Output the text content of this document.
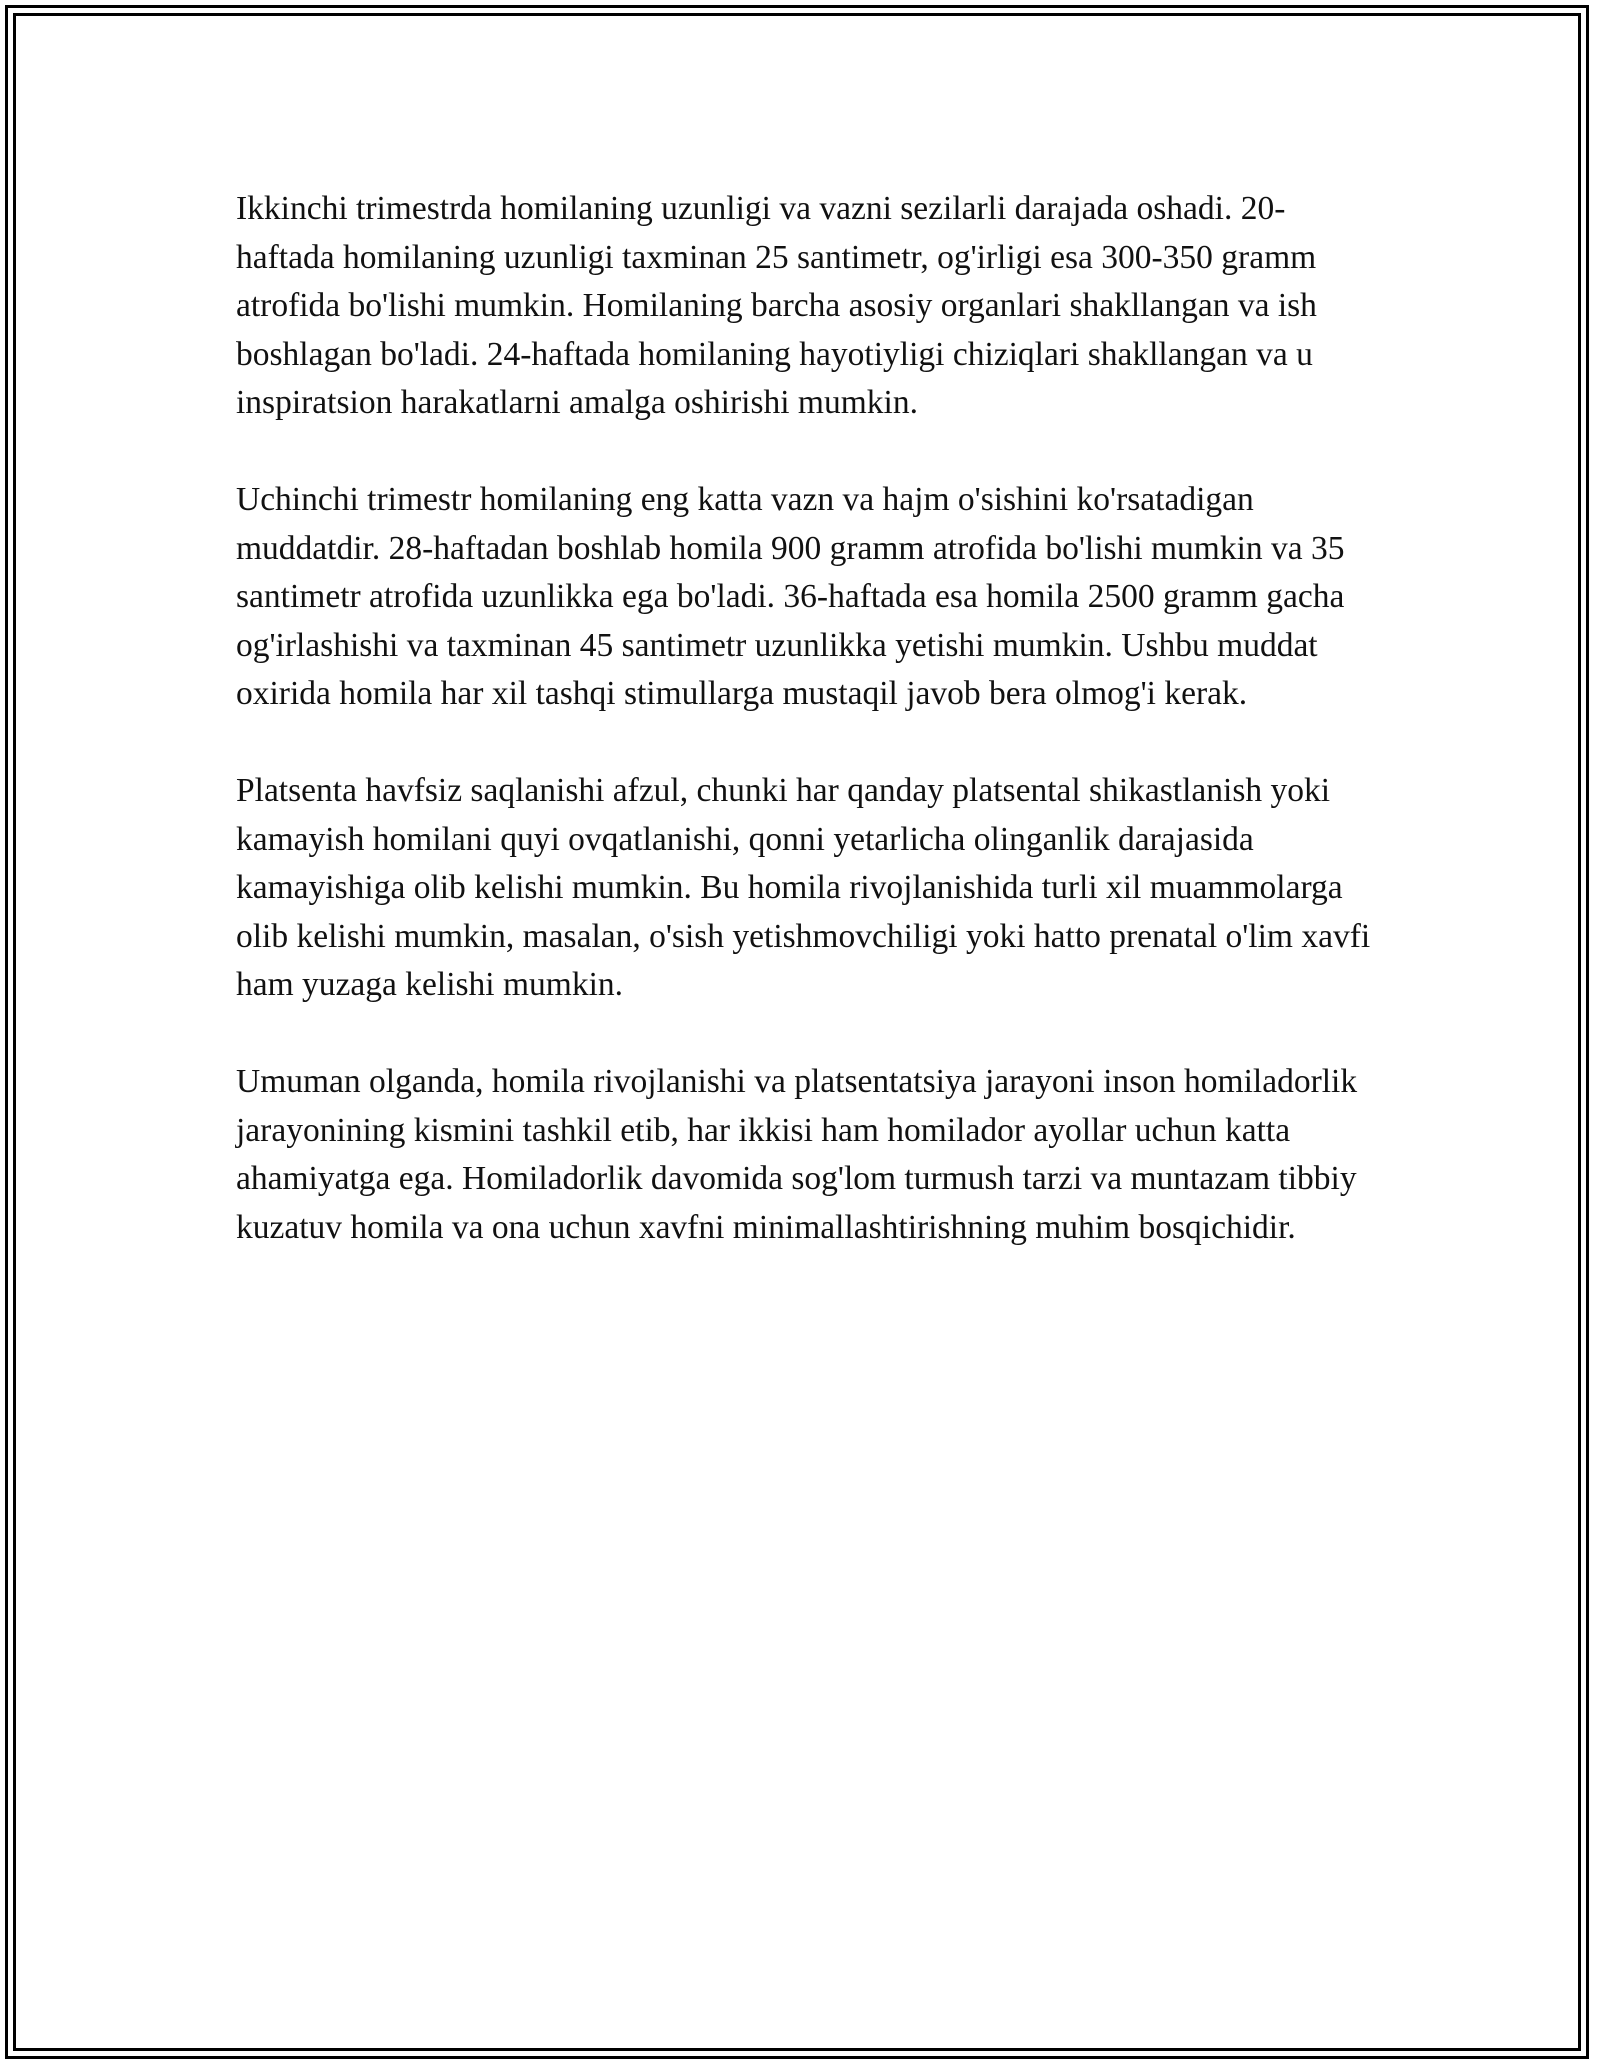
Ikkinchi trimestrda homilaning uzunligi va vazni sezilarli darajada oshadi. 20-haftada homilaning uzunligi taxminan 25 santimetr, og'irligi esa 300-350 gramm atrofida bo'lishi mumkin. Homilaning barcha asosiy organlari shakllangan va ish boshlagan bo'ladi. 24-haftada homilaning hayotiyligi chiziqlari shakllangan va u inspiratsion harakatlarni amalga oshirishi mumkin.

Uchinchi trimestr homilaning eng katta vazn va hajm o'sishini ko'rsatadigan muddatdir. 28-haftadan boshlab homila 900 gramm atrofida bo'lishi mumkin va 35 santimetr atrofida uzunlikka ega bo'ladi. 36-haftada esa homila 2500 gramm gacha og'irlashishi va taxminan 45 santimetr uzunlikka yetishi mumkin. Ushbu muddat oxirida homila har xil tashqi stimullarga mustaqil javob bera olmog'i kerak.

Platsenta havfsiz saqlanishi afzul, chunki har qanday platsentаl shikastlanish yoki kamayish homilani quyi ovqatlanishi, qonni yetarlicha olinganlik darajasida kamayishiga olib kelishi mumkin. Bu homila rivojlanishida turli xil muammolarga olib kelishi mumkin, masalan, o'sish yetishmovchiligi yoki hatto prenatal o'lim xavfi ham yuzaga kelishi mumkin.

Umuman olganda, homila rivojlanishi va platsentatsiya jarayoni inson homiladorlik jarayonining kismini tashkil etib, har ikkisi ham homilador ayollar uchun katta ahamiyatga ega. Homiladorlik davomida sog'lom turmush tarzi va muntazam tibbiy kuzatuv homila va ona uchun xavfni minimallashtirishning muhim bosqichidir.
